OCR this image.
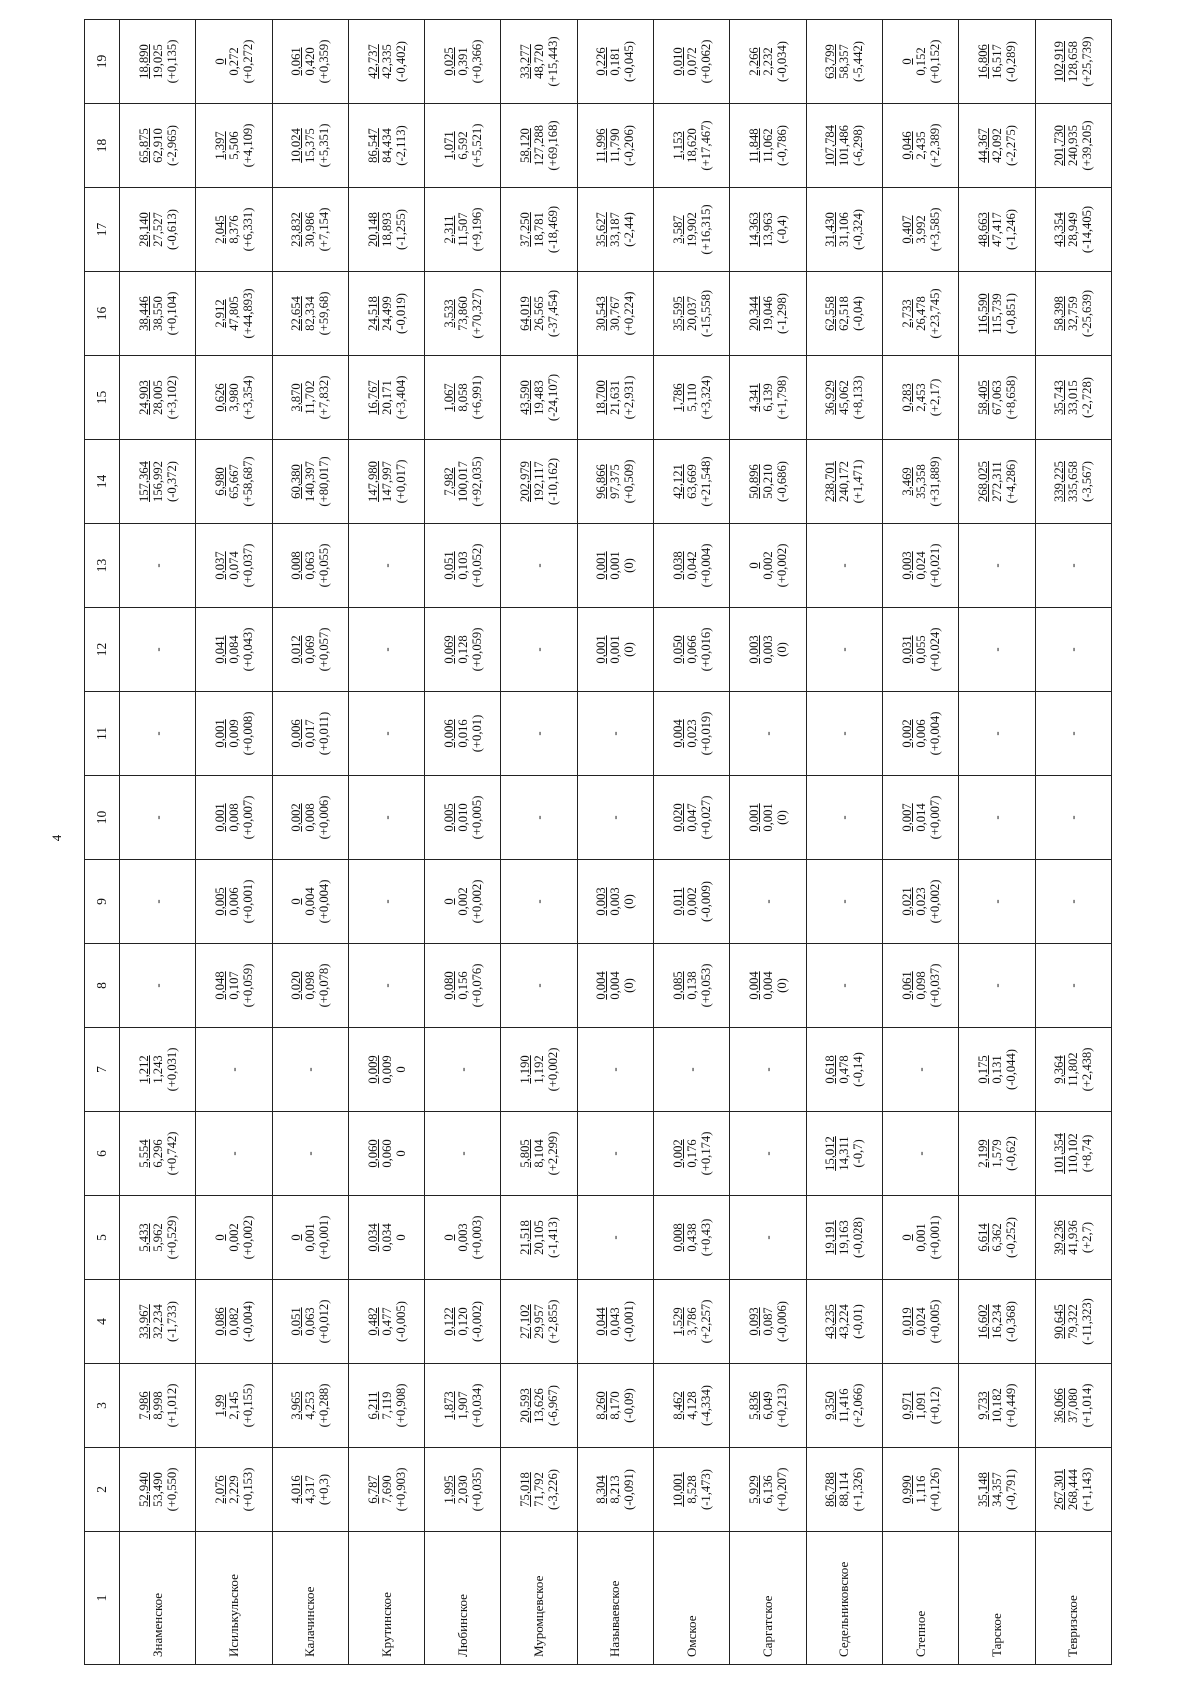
4
1	2	3	4	5	6	7	8	9	10	11	12	13	14	15	16	17	18	19
Знаменское	52,940 53,490 (+0,550)	7,986 8,998 (+1,012)	33,967 32,234 (-1,733)	5,433 5,962 (+0,529)	5,554 6,296 (+0,742)	1,212 1,243 (+0,031)	-	-	-	-	-	-	157,364 156,992 (-0,372)	24,903 28,005 (+3,102)	38,446 38,550 (+0,104)	28,140 27,527 (-0,613)	65,875 62,910 (-2,965)	18,890 19,025 (+0,135)

Исилькульское	2,076 2,229 (+0,153)	1,99 2,145 (+0,155)	0,086 0,082 (-0,004)	0 0,002 (+0,002)	-	-	0,048 0,107 (+0,059)	0,005 0,006 (+0,001)	0,001 0,008 (+0,007)	0,001 0,009 (+0,008)	0,041 0,084 (+0,043)	0,037 0,074 (+0,037)	6,980 65,667 (+58,687)	0,626 3,980 (+3,354)	2,912 47,805 (+44,893)	2,045 8,376 (+6,331)	1,397 5,506 (+4,109)	0 0,272 (+0,272)

Калачинское	4,016 4,317 (+0,3)	3,965 4,253 (+0,288)	0,051 0,063 (+0,012)	0 0,001 (+0,001)	-	-	0,020 0,098 (+0,078)	0 0,004 (+0,004)	0,002 0,008 (+0,006)	0,006 0,017 (+0,011)	0,012 0,069 (+0,057)	0,008 0,063 (+0,055)	60,380 140,397 (+80,017)	3,870 11,702 (+7,832)	22,654 82,334 (+59,68)	23,832 30,986 (+7,154)	10,024 15,375 (+5,351)	0,061 0,420 (+0,359)

Крутинское	6,787 7,690 (+0,903)	6,211 7,119 (+0,908)	0,482 0,477 (-0,005)	0,034 0,034 0	0,060 0,060 0	0,009 0,009 0	-	-	-	-	-	-	147,980 147,997 (+0,017)	16,767 20,171 (+3,404)	24,518 24,499 (-0,019)	20,148 18,893 (-1,255)	86,547 84,434 (-2,113)	42,737 42,335 (-0,402)

Любинское	1,995 2,030 (+0,035)	1,873 1,907 (+0,034)	0,122 0,120 (-0,002)	0 0,003 (+0,003)	-	-	0,080 0,156 (+0,076)	0 0,002 (+0,002)	0,005 0,010 (+0,005)	0,006 0,016 (+0,01)	0,069 0,128 (+0,059)	0,051 0,103 (+0,052)	7,982 100,017 (+92,035)	1,067 8,058 (+6,991)	3,533 73,860 (+70,327)	2,311 11,507 (+9,196)	1,071 6,592 (+5,521)	0,025 0,391 (+0,366)

Муромцевское	75,018 71,792 (-3,226)	20,593 13,626 (-6,967)	27,102 29,957 (+2,855)	21,518 20,105 (-1,413)	5,805 8,104 (+2,299)	1,190 1,192 (+0,002)	-	-	-	-	-	-	202,979 192,117 (-10,162)	43,590 19,483 (-24,107)	64,019 26,565 (-37,454)	37,250 18,781 (-18,469)	58,120 127,288 (+69,168)	33,277 48,720 (+15,443)

Называевское	8,304 8,213 (-0,091)	8,260 8,170 (-0,09)	0,044 0,043 (-0,001)	-	-	-	0,004 0,004 (0)	0,003 0,003 (0)	-	-	0,001 0,001 (0)	0,001 0,001 (0)	96,866 97,375 (+0,509)	18,700 21,631 (+2,931)	30,543 30,767 (+0,224)	35,627 33,187 (-2,44)	11,996 11,790 (-0,206)	0,226 0,181 (-0,045)

Омское	10,001 8,528 (-1,473)	8,462 4,128 (-4,334)	1,529 3,786 (+2,257)	0,008 0,438 (+0,43)	0,002 0,176 (+0,174)	-	0,085 0,138 (+0,053)	0,011 0,002 (-0,009)	0,020 0,047 (+0,027)	0,004 0,023 (+0,019)	0,050 0,066 (+0,016)	0,038 0,042 (+0,004)	42,121 63,669 (+21,548)	1,786 5,110 (+3,324)	35,595 20,037 (-15,558)	3,587 19,902 (+16,315)	1,153 18,620 (+17,467)	0,010 0,072 (+0,062)

Саргатское	5,929 6,136 (+0,207)	5,836 6,049 (+0,213)	0,093 0,087 (-0,006)	-	-	-	0,004 0,004 (0)	-	0,001 0,001 (0)	-	0,003 0,003 (0)	0 0,002 (+0,002)	50,896 50,210 (-0,686)	4,341 6,139 (+1,798)	20,344 19,046 (-1,298)	14,363 13,963 (-0,4)	11,848 11,062 (-0,786)	2,266 2,232 (-0,034)

Седельниковское	86,788 88,114 (+1,326)	9,350 11,416 (+2,066)	43,235 43,224 (-0,01)	19,191 19,163 (-0,028)	15,012 14,311 (-0,7)	0,618 0,478 (-0,14)	-	-	-	-	-	-	238,701 240,172 (+1,471)	36,929 45,062 (+8,133)	62,558 62,518 (-0,04)	31,430 31,106 (-0,324)	107,784 101,486 (-6,298)	63,799 58,357 (-5,442)

Степное	0,990 1,116 (+0,126)	0,971 1,091 (+0,12)	0,019 0,024 (+0,005)	0 0,001 (+0,001)	-	-	0,061 0,098 (+0,037)	0,021 0,023 (+0,002)	0,007 0,014 (+0,007)	0,002 0,006 (+0,004)	0,031 0,055 (+0,024)	0,003 0,024 (+0,021)	3,469 35,358 (+31,889)	0,283 2,453 (+2,17)	2,733 26,478 (+23,745)	0,407 3,992 (+3,585)	0,046 2,435 (+2,389)	0 0,152 (+0,152)

Тарское	35,148 34,357 (-0,791)	9,733 10,182 (+0,449)	16,602 16,234 (-0,368)	6,614 6,362 (-0,252)	2,199 1,579 (-0,62)	0,175 0,131 (-0,044)	-	-	-	-	-	-	268,025 272,311 (+4,286)	58,405 67,063 (+8,658)	116,590 115,739 (-0,851)	48,663 47,417 (-1,246)	44,367 42,092 (-2,275)	16,806 16,517 (-0,289)

Тевризское	267,301 268,444 (+1,143)	36,066 37,080 (+1,014)	90,645 79,322 (-11,323)	39,236 41,936 (+2,7)	101,354 110,102 (+8,74)	9,364 11,802 (+2,438)	-	-	-	-	-	-	339,225 335,658 (-3,567)	35,743 33,015 (-2,728)	58,398 32,759 (-25,639)	43,354 28,949 (-14,405)	201,730 240,935 (+39,205)	102,919 128,658 (+25,739)
